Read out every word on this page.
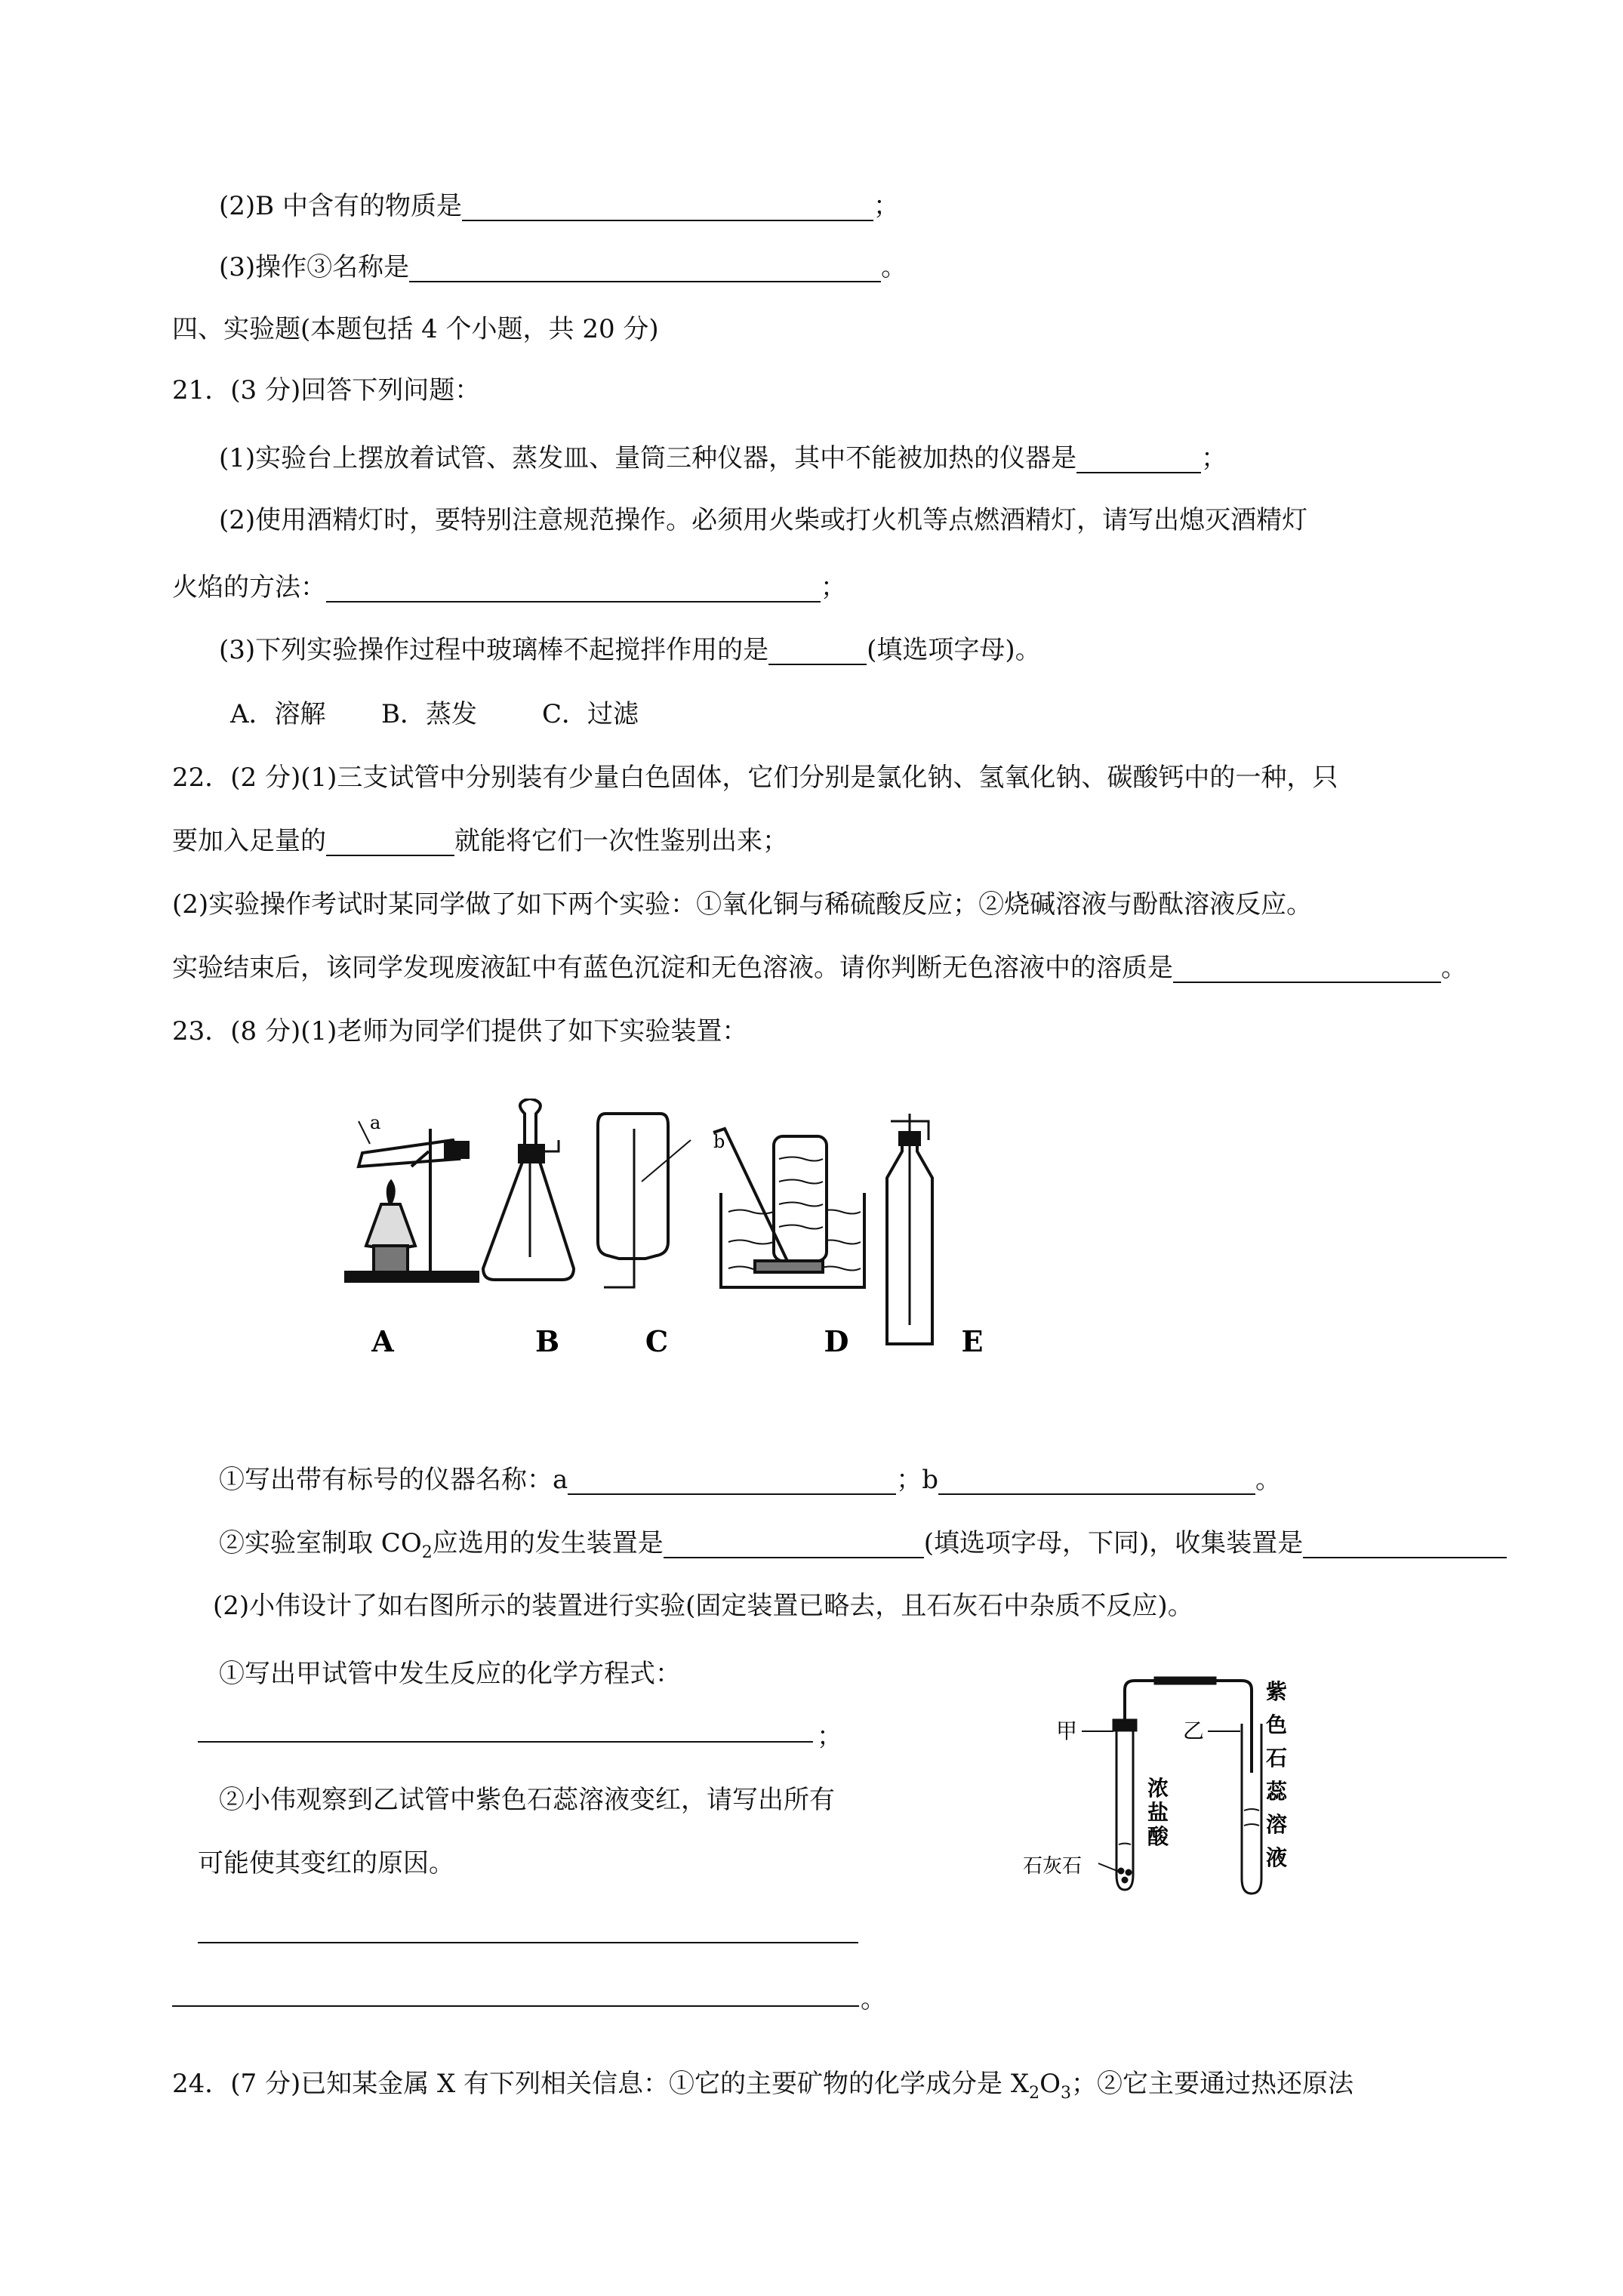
(2)B 中含有的物质是	；
(3)操作③名称是	。
四、实验题(本题包括 4 个小题，共 20 分)
21．(3 分)回答下列问题：
(1)实验台上摆放着试管、蒸发皿、量筒三种仪器，其中不能被加热的仪器是	；
(2)使用酒精灯时，要特别注意规范操作。必须用火柴或打火机等点燃酒精灯，请写出熄灭酒精灯
火焰的方法：	；
(3)下列实验操作过程中玻璃棒不起搅拌作用的是	(填选项字母)。
A．溶解 B．蒸发	C．过滤
22．(2 分)(1)三支试管中分别装有少量白色固体，它们分别是氯化钠、氢氧化钠、碳酸钙中的一种，只
要加入足量的	就能将它们一次性鉴别出来；
(2)实验操作考试时某同学做了如下两个实验：①氧化铜与稀硫酸反应；②烧碱溶液与酚酞溶液反应。
实验结束后，该同学发现废液缸中有蓝色沉淀和无色溶液。请你判断无色溶液中的溶质是	。
23．(8 分)(1)老师为同学们提供了如下实验装置：
A	B	C	D	E
a
b
①写出带有标号的仪器名称：a	；b	。
②实验室制取 $CO_2$应选用的发生装置是	(填选项字母，下同)，收集装置是
(2)小伟设计了如右图所示的装置进行实验(固定装置已略去，且石灰石中杂质不反应)。
①写出甲试管中发生反应的化学方程式：
；
②小伟观察到乙试管中紫色石蕊溶液变红，请写出所有
可能使其变红的原因。
。
甲	乙
石灰石
浓
盐
酸
紫
色
石
蕊
溶
液
24．(7 分)已知某金属 X 有下列相关信息：①它的主要矿物的化学成分是 $X_2O_3$；②它主要通过热还原法
